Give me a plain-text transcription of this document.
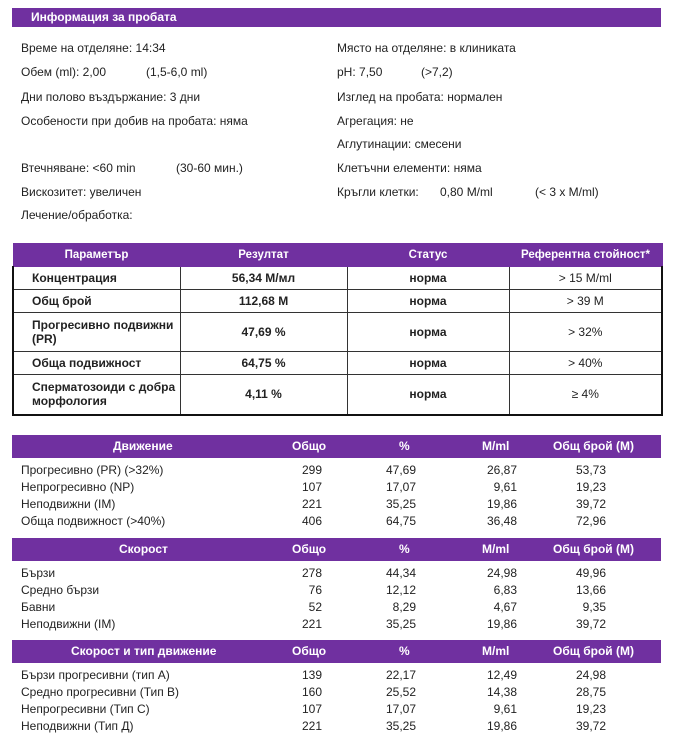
Информация за пробата
Време на отделяне: 14:34
Обем (ml): 2,00	(1,5-6,0 ml)
Дни полово въздържание: 3 дни
Особености при добив на пробата: няма
Втечняване: <60 min	(30-60 мин.)
Вискозитет: увеличен
Лечение/обработка:
Място на отделяне: в клиниката
pH: 7,50	(>7,2)
Изглед на пробата: нормален
Агрегация: не
Аглутинации: смесени
Клетъчни елементи: няма
Кръгли клетки: 0,80 M/ml	(< 3 x M/ml)
Параметър	Резултат	Статус	Референтна стойност*
Концентрация	56,34 М/мл	норма	> 15 M/ml
Общ брой	112,68 М	норма	> 39 M
Прогресивно подвижни (PR)	47,69 %	норма	> 32%
Обща подвижност	64,75 %	норма	> 40%
Сперматозоиди с добра морфология	4,11 %	норма	≥ 4%
Движение	Общо	%	M/ml	Общ брой (M)
Прогресивно (PR) (>32%)	299	47,69	26,87	53,73
Непрогресивно (NP)	107	17,07	9,61	19,23
Неподвижни (IM)	221	35,25	19,86	39,72
Обща подвижност (>40%)	406	64,75	36,48	72,96
Скорост	Общо	%	M/ml	Общ брой (M)
Бързи	278	44,34	24,98	49,96
Средно бързи	76	12,12	6,83	13,66
Бавни	52	8,29	4,67	9,35
Неподвижни (IM)	221	35,25	19,86	39,72
Скорост и тип движение	Общо	%	M/ml	Общ брой (M)
Бързи прогресивни (тип А)	139	22,17	12,49	24,98
Средно прогресивни (Тип В)	160	25,52	14,38	28,75
Непрогресивни (Тип С)	107	17,07	9,61	19,23
Неподвижни (Тип Д)	221	35,25	19,86	39,72
